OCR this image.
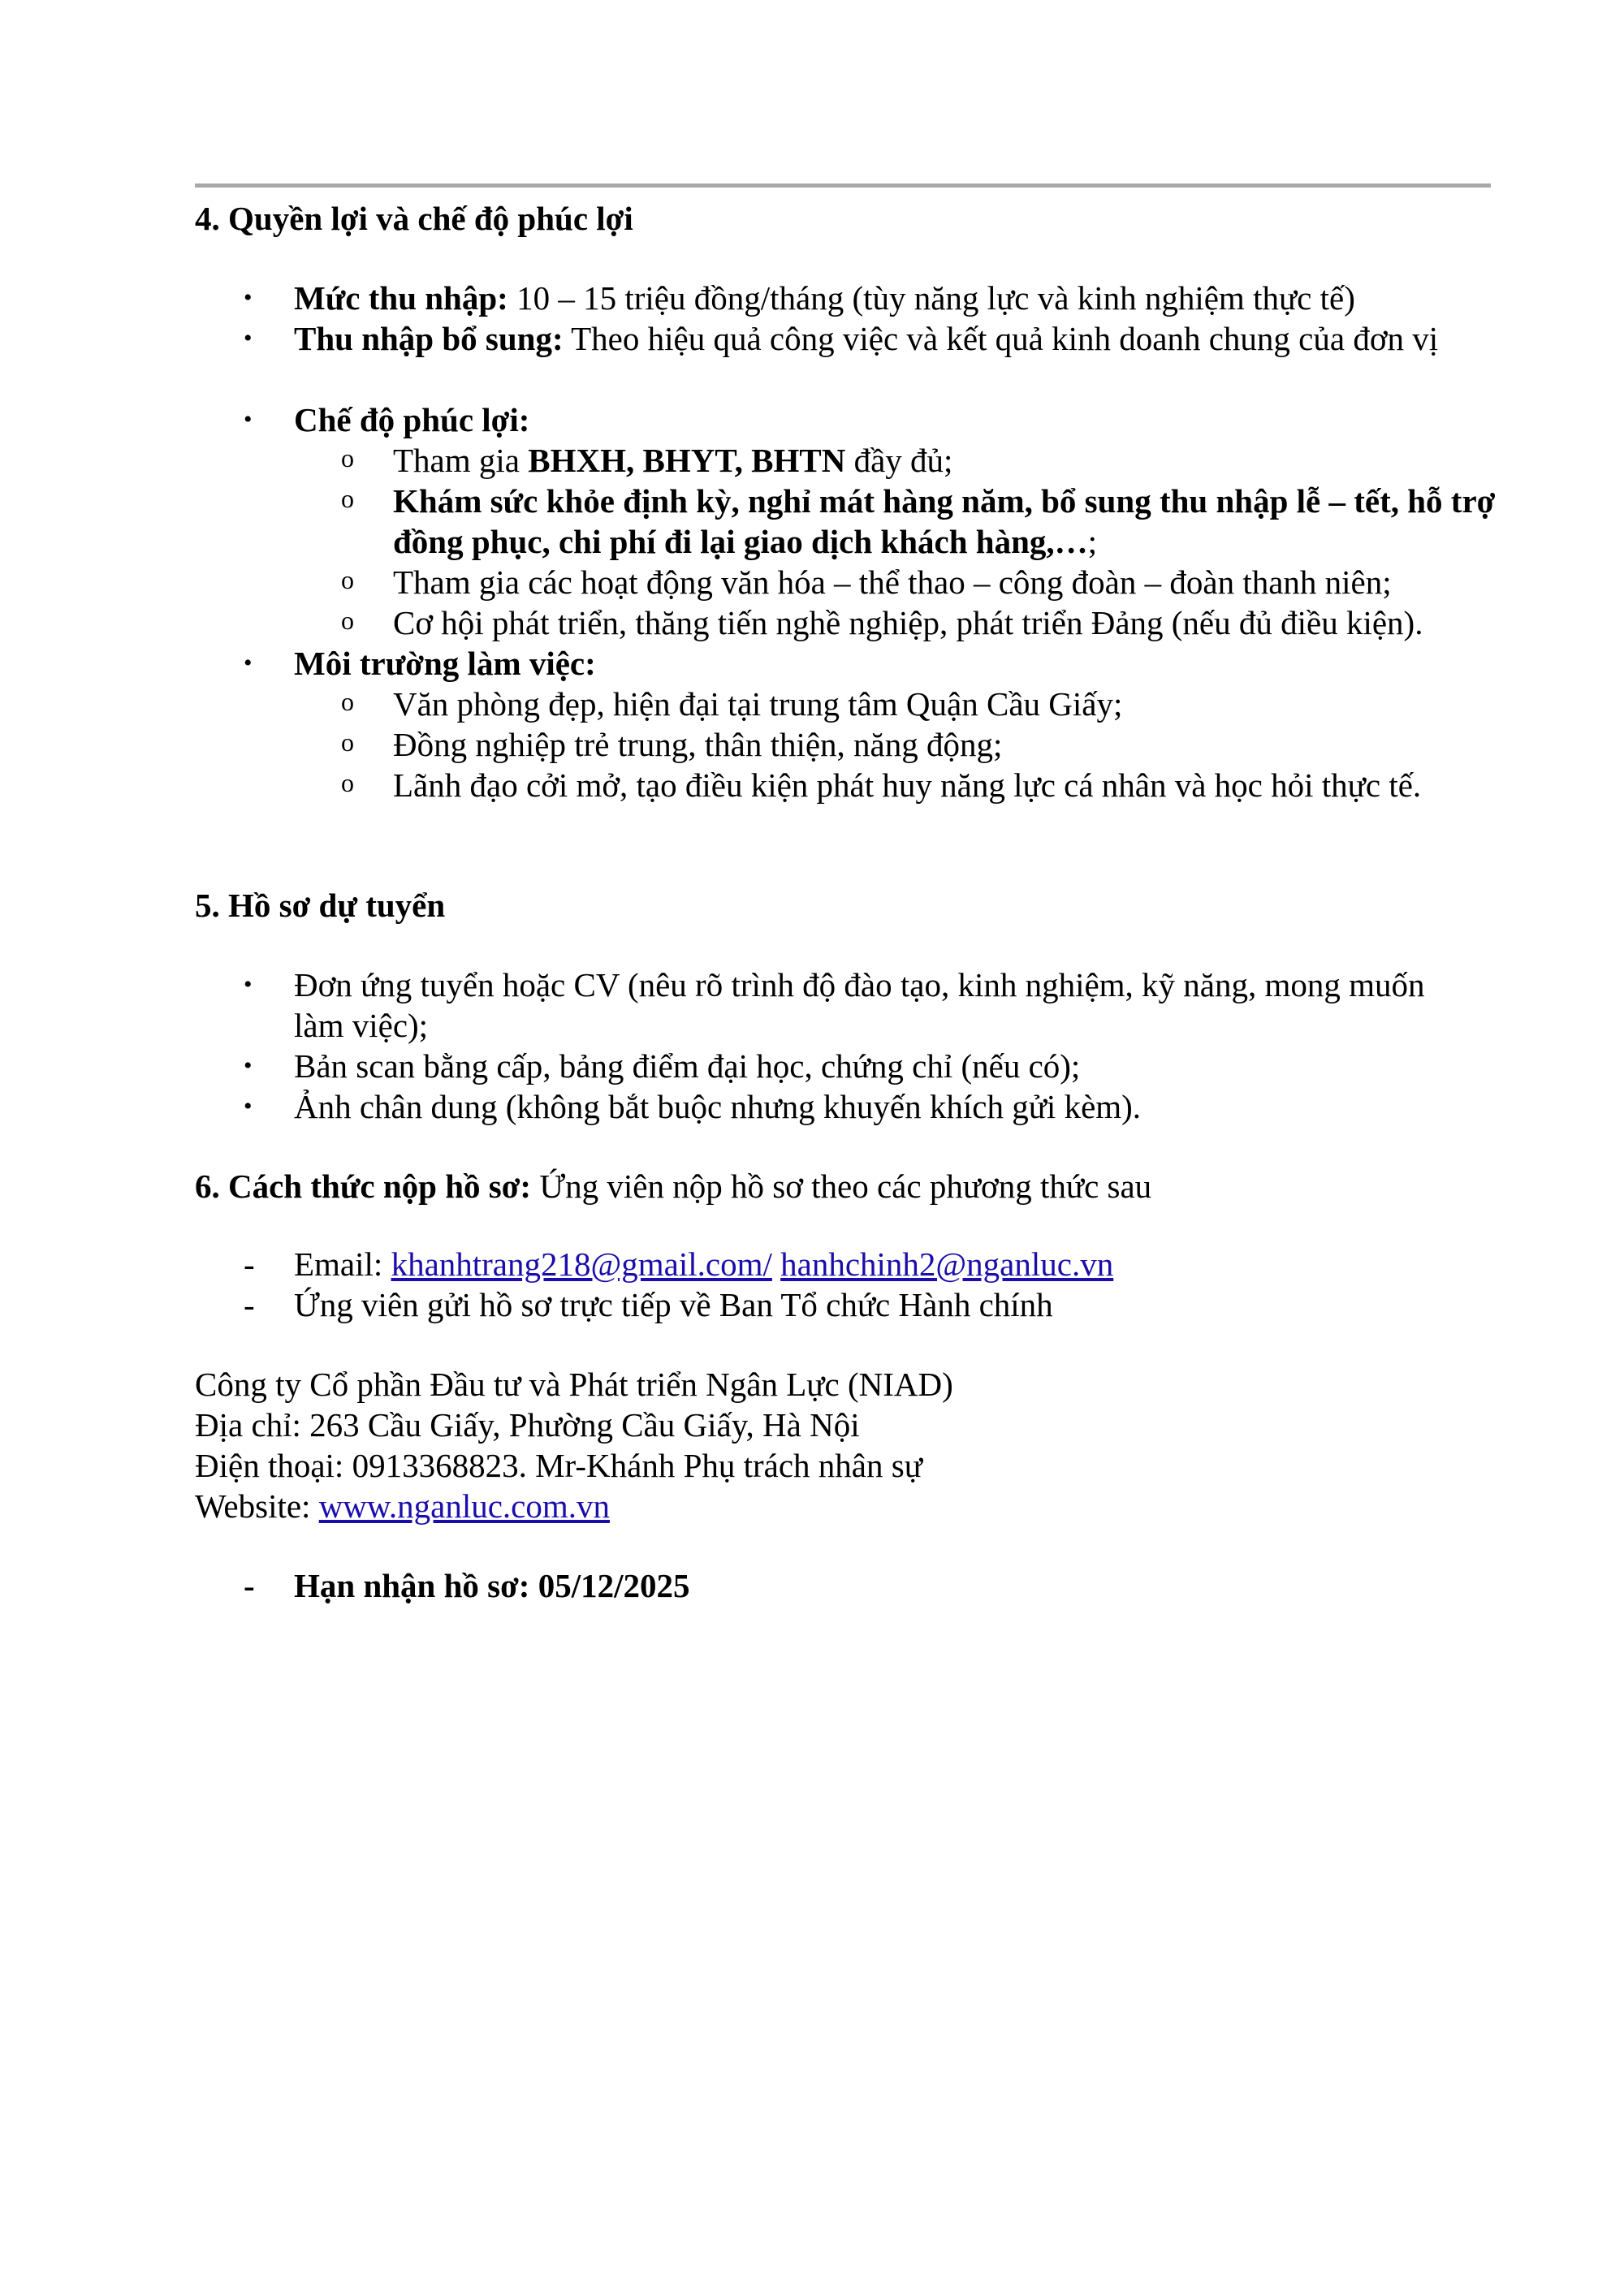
4. Quyền lợi và chế độ phúc lợi
• Mức thu nhập: 10 – 15 triệu đồng/tháng (tùy năng lực và kinh nghiệm thực tế)
• Thu nhập bổ sung: Theo hiệu quả công việc và kết quả kinh doanh chung của đơn vị
• Chế độ phúc lợi:
o Tham gia BHXH, BHYT, BHTN đầy đủ;
o Khám sức khỏe định kỳ, nghỉ mát hàng năm, bổ sung thu nhập lễ – tết, hỗ trợ đồng phục, chi phí đi lại giao dịch khách hàng,…;
o Tham gia các hoạt động văn hóa – thể thao – công đoàn – đoàn thanh niên;
o Cơ hội phát triển, thăng tiến nghề nghiệp, phát triển Đảng (nếu đủ điều kiện).
• Môi trường làm việc:
o Văn phòng đẹp, hiện đại tại trung tâm Quận Cầu Giấy;
o Đồng nghiệp trẻ trung, thân thiện, năng động;
o Lãnh đạo cởi mở, tạo điều kiện phát huy năng lực cá nhân và học hỏi thực tế.
5. Hồ sơ dự tuyển
• Đơn ứng tuyển hoặc CV (nêu rõ trình độ đào tạo, kinh nghiệm, kỹ năng, mong muốn làm việc);
• Bản scan bằng cấp, bảng điểm đại học, chứng chỉ (nếu có);
• Ảnh chân dung (không bắt buộc nhưng khuyến khích gửi kèm).
6. Cách thức nộp hồ sơ: Ứng viên nộp hồ sơ theo các phương thức sau
- Email: khanhtrang218@gmail.com/ hanhchinh2@nganluc.vn
- Ứng viên gửi hồ sơ trực tiếp về Ban Tổ chức Hành chính
Công ty Cổ phần Đầu tư và Phát triển Ngân Lực (NIAD)
Địa chỉ: 263 Cầu Giấy, Phường Cầu Giấy, Hà Nội
Điện thoại: 0913368823. Mr-Khánh Phụ trách nhân sự
Website: www.nganluc.com.vn
- Hạn nhận hồ sơ: 05/12/2025
